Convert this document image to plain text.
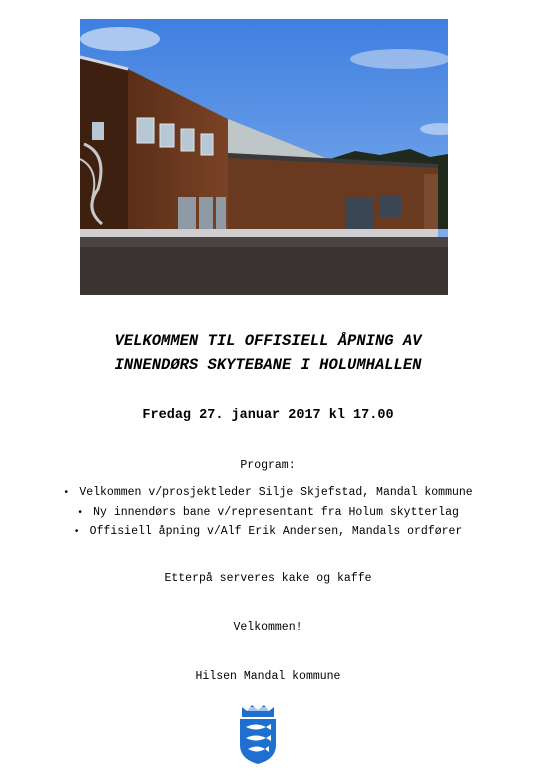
VELKOMMEN TIL OFFISIELL ÅPNING AV
INNENDØRS SKYTEBANE I HOLUMHALLEN
Fredag 27. januar 2017 kl 17.00
Program:
• Velkommen v/prosjektleder Silje Skjefstad, Mandal kommune
• Ny innendørs bane v/representant fra Holum skytterlag
• Offisiell åpning v/Alf Erik Andersen, Mandals ordfører
Etterpå serveres kake og kaffe
Velkommen!
Hilsen Mandal kommune
